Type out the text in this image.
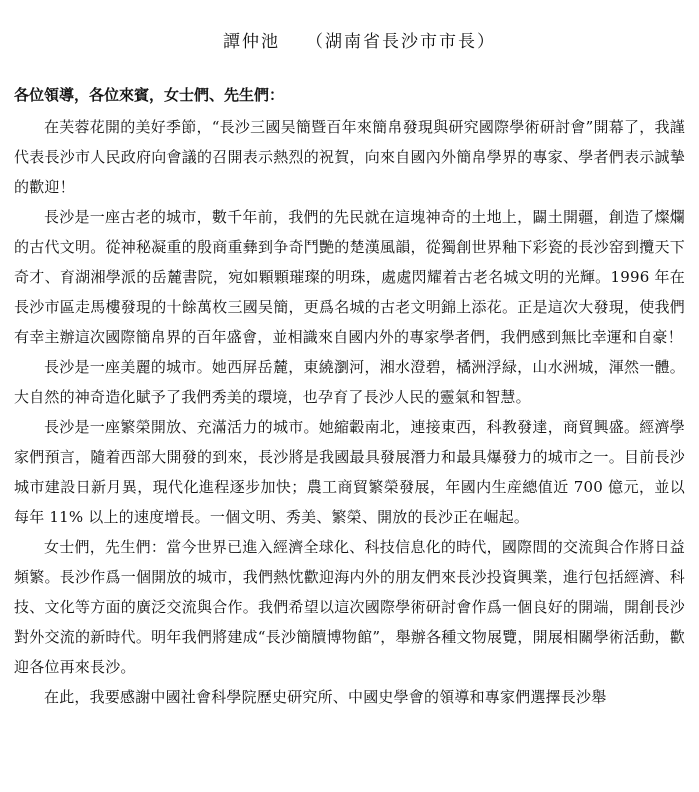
譚仲池 （湖南省長沙市市長）

各位領導，各位來賓，女士們、先生們：

在芙蓉花開的美好季節，“長沙三國吴簡暨百年來簡帛發現與研究國際學術研討會”開幕了，我謹代表長沙市人民政府向會議的召開表示熱烈的祝賀，向來自國內外簡帛學界的專家、學者們表示誠摯的歡迎！

長沙是一座古老的城市，數千年前，我們的先民就在這塊神奇的土地上，闢土開疆，創造了燦爛的古代文明。從神秘凝重的殷商重彝到争奇鬥艷的楚漢風韻，從獨創世界釉下彩瓷的長沙窑到攬天下奇才、育湖湘學派的岳麓書院，宛如顆顆璀璨的明珠，處處閃耀着古老名城文明的光輝。1996 年在長沙市區走馬樓發現的十餘萬枚三國吴簡，更爲名城的古老文明錦上添花。正是這次大發現，使我們有幸主辦這次國際簡帛界的百年盛會，並相識來自國内外的專家學者們，我們感到無比幸運和自豪！

長沙是一座美麗的城市。她西屏岳麓，東繞瀏河，湘水澄碧，橘洲浮緑，山水洲城，渾然一體。大自然的神奇造化賦予了我們秀美的環境，也孕育了長沙人民的靈氣和智慧。

長沙是一座繁榮開放、充滿活力的城市。她縮轂南北，連接東西，科教發達，商貿興盛。經濟學家們預言，隨着西部大開發的到來，長沙將是我國最具發展潛力和最具爆發力的城市之一。目前長沙城市建設日新月異，現代化進程逐步加快；農工商貿繁榮發展，年國内生産總值近 700 億元，並以每年 11% 以上的速度增長。一個文明、秀美、繁榮、開放的長沙正在崛起。

女士們，先生們：當今世界已進入經濟全球化、科技信息化的時代，國際間的交流與合作將日益頻繁。長沙作爲一個開放的城市，我們熱忱歡迎海内外的朋友們來長沙投資興業，進行包括經濟、科技、文化等方面的廣泛交流與合作。我們希望以這次國際學術研討會作爲一個良好的開端，開創長沙對外交流的新時代。明年我們將建成“長沙簡牘博物館”，舉辦各種文物展覽，開展相關學術活動，歡迎各位再來長沙。

在此，我要感謝中國社會科學院歷史研究所、中國史學會的領導和專家們選擇長沙舉
